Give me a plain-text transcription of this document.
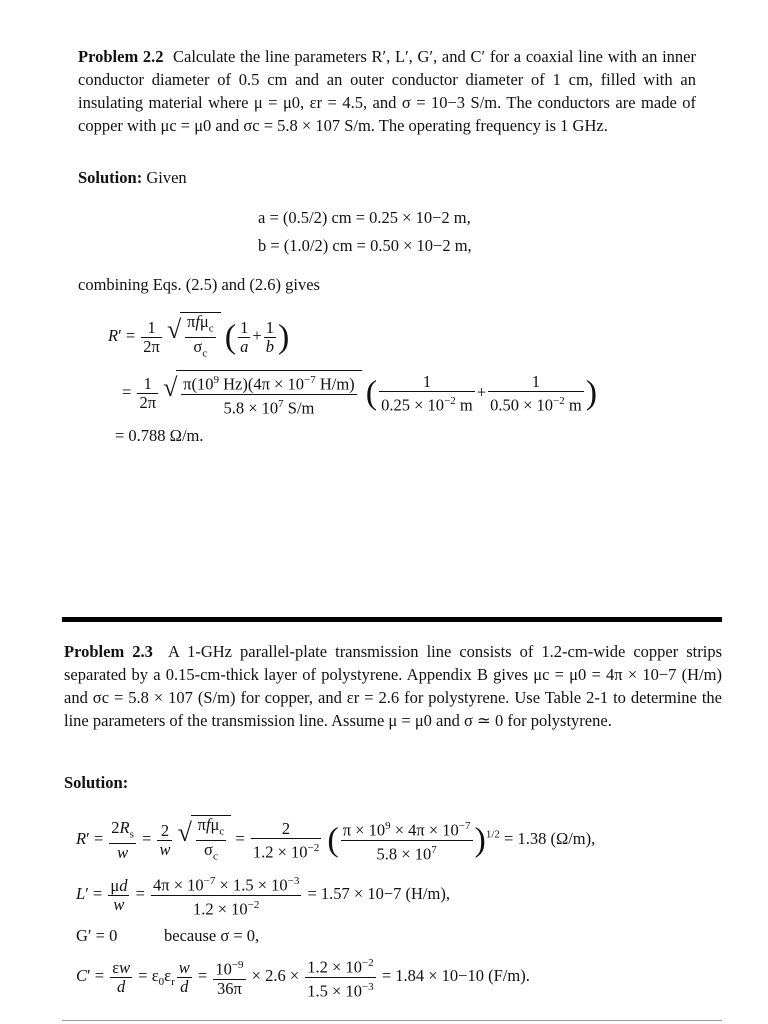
Problem 2.2 Calculate the line parameters R′, L′, G′, and C′ for a coaxial line with an inner conductor diameter of 0.5 cm and an outer conductor diameter of 1 cm, filled with an insulating material where μ = μ0, εr = 4.5, and σ = 10−3 S/m. The conductors are made of copper with μc = μ0 and σc = 5.8 × 107 S/m. The operating frequency is 1 GHz.
Solution: Given
a = (0.5/2) cm = 0.25 × 10−2 m,
b = (1.0/2) cm = 0.50 × 10−2 m,
combining Eqs. (2.5) and (2.6) gives
$R' = \frac{1}{2\pi}$
√ πfμ$_c$
$\sigma_c$ ( $\frac{1}{a} + \frac{1}{b}$ )
= $\frac{1}{2\pi}$
√ $\frac{\pi(10^9 Hz)(4\pi \times 10^{-7} H/m)}{5.8 \times 10^7 S/m}$ ( $\frac{1}{0.25 \times 10^{-2} m} + \frac{1}{0.50 \times 10^{-2} m}$ )
= 0.788 Ω/m.
Problem 2.3 A 1-GHz parallel-plate transmission line consists of 1.2-cm-wide copper strips separated by a 0.15-cm-thick layer of polystyrene. Appendix B gives μc = μ0 = 4π × 10−7 (H/m) and σc = 5.8 × 107 (S/m) for copper, and εr = 2.6 for polystyrene. Use Table 2-1 to determine the line parameters of the transmission line. Assume μ = μ0 and σ ≃ 0 for polystyrene.
Solution:
$R' = \frac{2R_s}{w} = \frac{2}{w}$
√ πfμ$_c$
$\sigma_c$
= $\frac{2}{1.2 \times 10^{-2}}$ ( $\frac{\pi \times 10^9 \times 4\pi \times 10^{-7}}{5.8 \times 10^7} )^{1/2} = 1.38$ (Ω/m),
$L' = \frac{\mu d}{w} = \frac{4\pi \times 10^{-7} \times 1.5 \times 10^{-3}}{1.2 \times 10^{-2}} = 1.57 \times 10-7$ (H/m),
G′ = 0	because σ = 0,
$C' = \frac{\varepsilon w}{d} = \varepsilon_0\varepsilon_r \frac{w}{d} = \frac{10^{-9}}{36\pi} \times 2.6 \times \frac{1.2 \times 10^{-2}}{1.5 \times 10^{-3}} = 1.84 \times 10-10$ (F/m).
